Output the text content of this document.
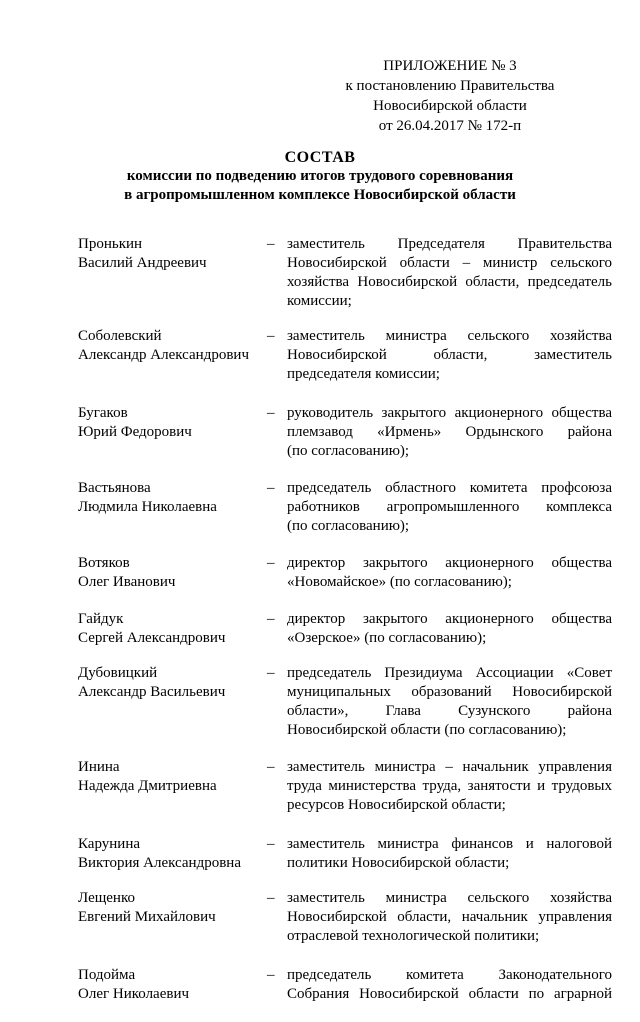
ПРИЛОЖЕНИЕ № 3
к постановлению Правительства
Новосибирской области
от 26.04.2017 № 172-п
СОСТАВ
комиссии по подведению итогов трудового соревнования
в агропромышленном комплексе Новосибирской области
Пронькин
Василий Андреевич
– заместитель Председателя Правительства
Новосибирской области – министр сельского
хозяйства Новосибирской области, председатель
комиссии;
Соболевский
Александр Александрович
– заместитель министра сельского хозяйства
Новосибирской области, заместитель
председателя комиссии;
Бугаков
Юрий Федорович
– руководитель закрытого акционерного общества
племзавод «Ирмень» Ордынского района
(по согласованию);
Вастьянова
Людмила Николаевна
– председатель областного комитета профсоюза
работников агропромышленного комплекса
(по согласованию);
Вотяков
Олег Иванович
– директор закрытого акционерного общества
«Новомайское» (по согласованию);
Гайдук
Сергей Александрович
– директор закрытого акционерного общества
«Озерское» (по согласованию);
Дубовицкий
Александр Васильевич
– председатель Президиума Ассоциации «Совет
муниципальных образований Новосибирской
области», Глава Сузунского района
Новосибирской области (по согласованию);
Инина
Надежда Дмитриевна
– заместитель министра – начальник управления
труда министерства труда, занятости и трудовых
ресурсов Новосибирской области;
Карунина
Виктория Александровна
– заместитель министра финансов и налоговой
политики Новосибирской области;
Лещенко
Евгений Михайлович
– заместитель министра сельского хозяйства
Новосибирской области, начальник управления
отраслевой технологической политики;
Подойма
Олег Николаевич
– председатель комитета Законодательного
Собрания Новосибирской области по аграрной
